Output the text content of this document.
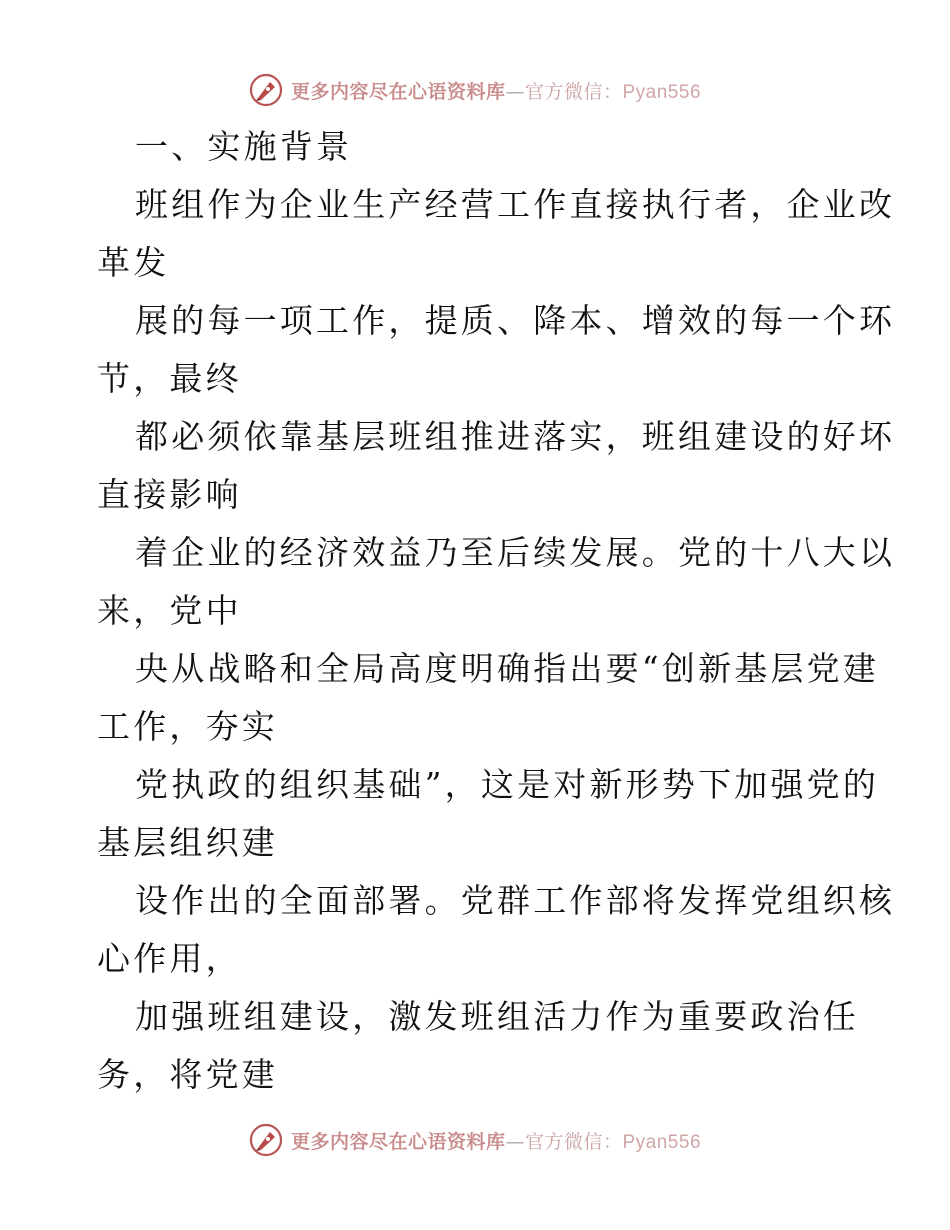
更多内容尽在心语资料库—官方微信：Pyan556
一、实施背景
班组作为企业生产经营工作直接执行者，企业改
革发
展的每一项工作，提质、降本、增效的每一个环
节，最终
都必须依靠基层班组推进落实，班组建设的好坏
直接影响
着企业的经济效益乃至后续发展。党的十八大以
来，党中
央从战略和全局高度明确指出要“创新基层党建
工作，夯实
党执政的组织基础”，这是对新形势下加强党的
基层组织建
设作出的全面部署。党群工作部将发挥党组织核
心作用，
加强班组建设，激发班组活力作为重要政治任
务，将党建
更多内容尽在心语资料库—官方微信：Pyan556
